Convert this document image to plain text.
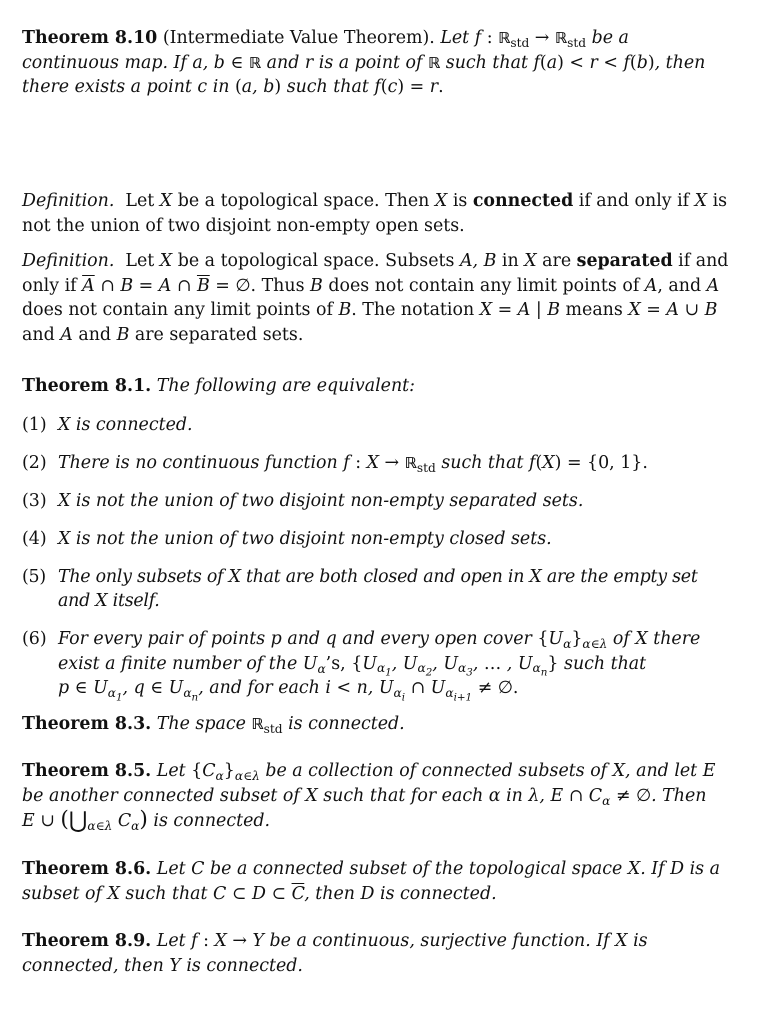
Theorem 8.10 (Intermediate Value Theorem). Let f : ℝ$_{std}$ → ℝ$_{std}$ be a continuous map. If a, b ∈ ℝ and r is a point of ℝ such that f(a) < r < f(b), then there exists a point c in (a, b) such that f(c) = r.

Definition. Let X be a topological space. Then X is connected if and only if X is not the union of two disjoint non-empty open sets.

Definition. Let X be a topological space. Subsets A, B in X are separated if and only if $\overline{A}$ ∩ B = A ∩ $\overline{B}$ = ∅. Thus B does not contain any limit points of A, and A does not contain any limit points of B. The notation X = A | B means X = A ∪ B and A and B are separated sets.

Theorem 8.1. The following are equivalent:

(1) X is connected.

(2) There is no continuous function f : X → ℝ$_{std}$ such that f(X) = {0, 1}.

(3) X is not the union of two disjoint non-empty separated sets.

(4) X is not the union of two disjoint non-empty closed sets.

(5) The only subsets of X that are both closed and open in X are the empty set and X itself.

(6) For every pair of points p and q and every open cover $\{U_\alpha\}_{\alpha\in\lambda}$ of X there exist a finite number of the $U_\alpha’s$, {$U_{\alpha_1}$, $U_{\alpha_2}$, $U_{\alpha_3}$, … , $U_{\alpha_n}$} such that p ∈ $U_{\alpha_1}$, q ∈ $U_{\alpha_n}$, and for each i < n, $U_{\alpha_i}$ ∩ $U_{\alpha_{i+1}}$ ≠ ∅.

Theorem 8.3. The space ℝ$_{std}$ is connected.

Theorem 8.5. Let $\{C_\alpha\}_{\alpha\in\lambda}$ be a collection of connected subsets of X, and let E be another connected subset of X such that for each α in λ, E ∩ $C_\alpha$ ≠ ∅. Then E ∪ ($⋃_{\alpha\in\lambda}$ $C_\alpha$) is connected.

Theorem 8.6. Let C be a connected subset of the topological space X. If D is a subset of X such that C ⊂ D ⊂ $\overline{C}$, then D is connected.

Theorem 8.9. Let f : X → Y be a continuous, surjective function. If X is connected, then Y is connected.
